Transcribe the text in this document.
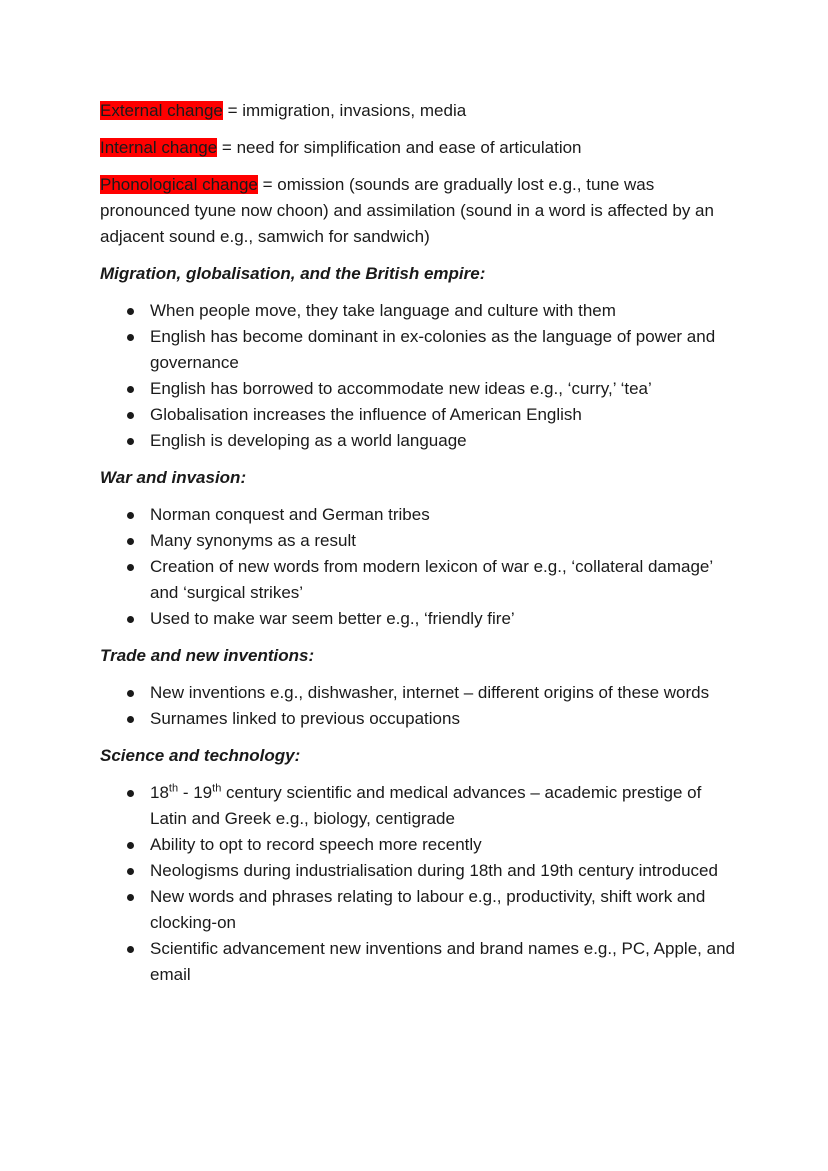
External change = immigration, invasions, media

Internal change = need for simplification and ease of articulation

Phonological change = omission (sounds are gradually lost e.g., tune was pronounced tyune now choon) and assimilation (sound in a word is affected by an adjacent sound e.g., samwich for sandwich)

Migration, globalisation, and the British empire:

When people move, they take language and culture with them
English has become dominant in ex-colonies as the language of power and governance
English has borrowed to accommodate new ideas e.g., ‘curry,’ ‘tea’
Globalisation increases the influence of American English
English is developing as a world language

War and invasion:

Norman conquest and German tribes
Many synonyms as a result
Creation of new words from modern lexicon of war e.g., ‘collateral damage’ and ‘surgical strikes’
Used to make war seem better e.g., ‘friendly fire’

Trade and new inventions:

New inventions e.g., dishwasher, internet – different origins of these words
Surnames linked to previous occupations

Science and technology:

18th - 19th century scientific and medical advances – academic prestige of Latin and Greek e.g., biology, centigrade
Ability to opt to record speech more recently
Neologisms during industrialisation during 18th and 19th century introduced
New words and phrases relating to labour e.g., productivity, shift work and clocking-on
Scientific advancement new inventions and brand names e.g., PC, Apple, and email
